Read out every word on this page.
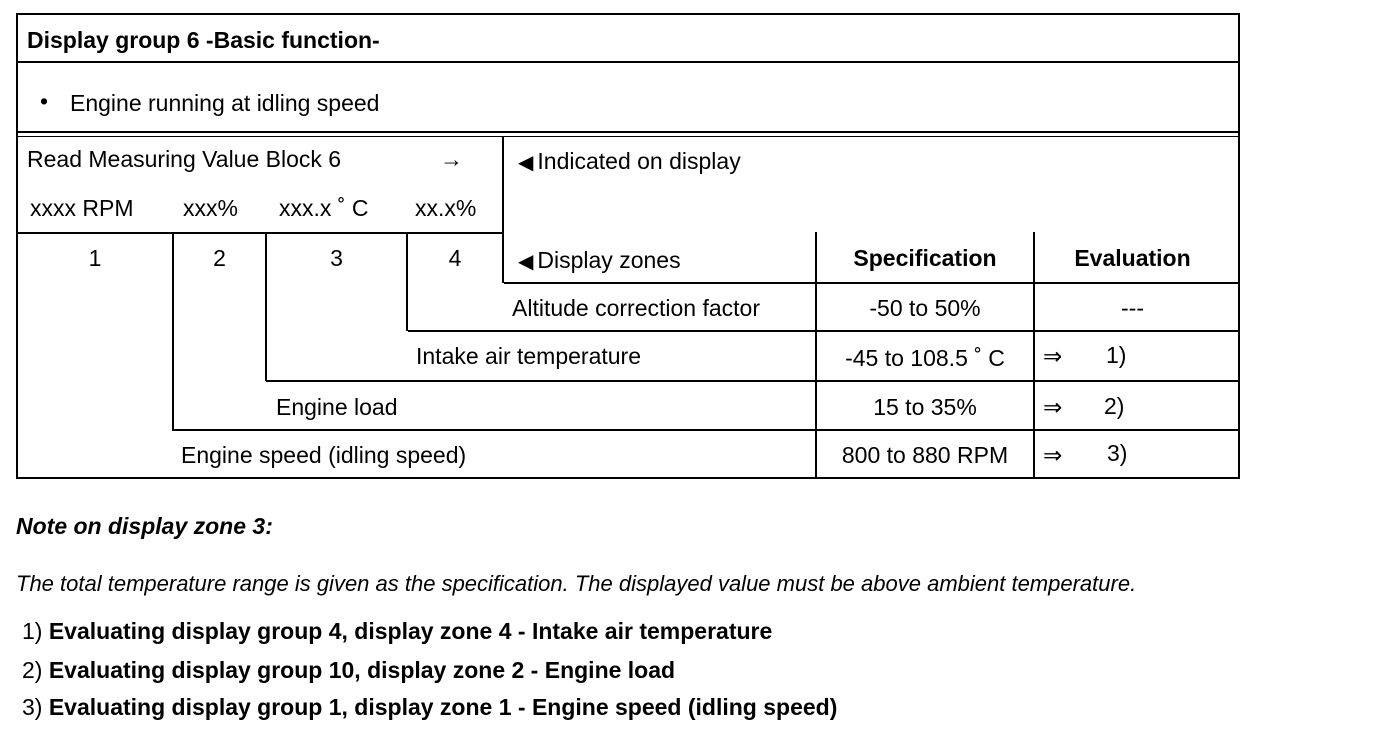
Display group 6 -Basic function-
• Engine running at idling speed
Read Measuring Value Block 6	→
xxxx RPM xxx% xxx.x ˚ C xx.x%
◀ Indicated on display
1	2	3	4	◀ Display zones	Specification	Evaluation
Altitude correction factor	-50 to 50%	---
Intake air temperature	-45 to 108.5 ˚ C	⇒ 1)
Engine load	15 to 35%	⇒ 2)
Engine speed (idling speed)	800 to 880 RPM	⇒ 3)
Note on display zone 3:
The total temperature range is given as the specification. The displayed value must be above ambient temperature.
1) Evaluating display group 4, display zone 4 - Intake air temperature
2) Evaluating display group 10, display zone 2 - Engine load
3) Evaluating display group 1, display zone 1 - Engine speed (idling speed)
